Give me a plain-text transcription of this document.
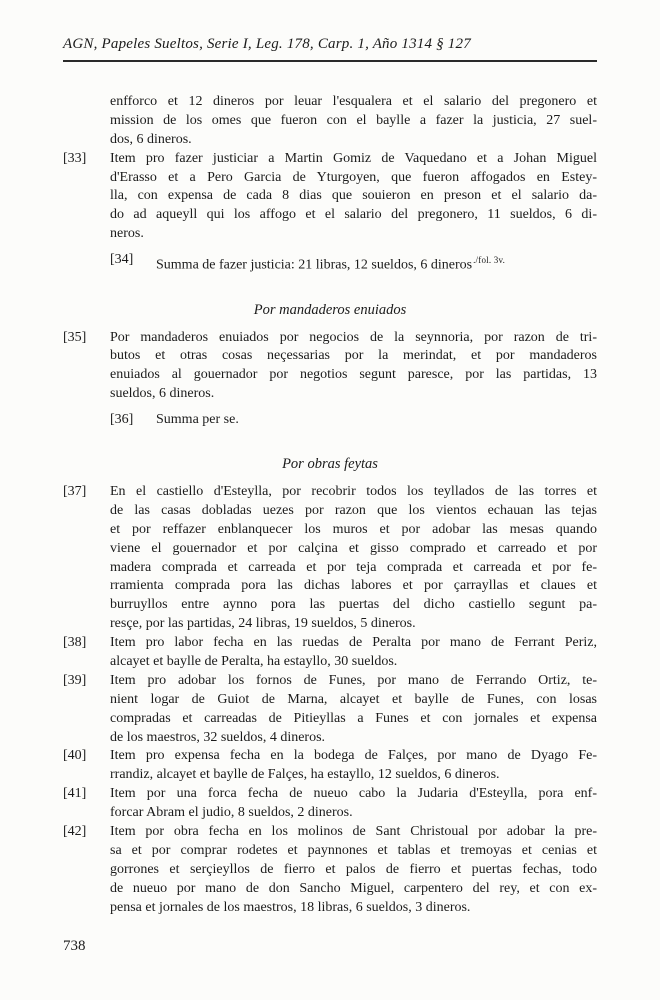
AGN, Papeles Sueltos, Serie I, Leg. 178, Carp. 1, Año 1314 § 127
enfforco et 12 dineros por leuar l'esqualera et el salario del pregonero et
mission de los omes que fueron con el baylle a fazer la justicia, 27 suel-
dos, 6 dineros.
[33] Item pro fazer justiciar a Martin Gomiz de Vaquedano et a Johan Miguel
d'Erasso et a Pero Garcia de Yturgoyen, que fueron affogados en Estey-
lla, con expensa de cada 8 dias que souieron en preson et el salario da-
do ad aqueyll qui los affogo et el salario del pregonero, 11 sueldos, 6 di-
neros.
[34] Summa de fazer justicia: 21 libras, 12 sueldos, 6 dineros$^{./fol. 3v.}$
Por mandaderos enuiados
[35] Por mandaderos enuiados por negocios de la seynnoria, por razon de tri-
butos et otras cosas neçessarias por la merindat, et por mandaderos
enuiados al gouernador por negotios segunt paresce, por las partidas, 13
sueldos, 6 dineros.
[36] Summa per se.
Por obras feytas
[37] En el castiello d'Esteylla, por recobrir todos los teyllados de las torres et
de las casas dobladas uezes por razon que los vientos echauan las tejas
et por reffazer enblanquecer los muros et por adobar las mesas quando
viene el gouernador et por calçina et gisso comprado et carreado et por
madera comprada et carreada et por teja comprada et carreada et por fe-
rramienta comprada pora las dichas labores et por çarrayllas et claues et
burruyllos entre aynno pora las puertas del dicho castiello segunt pa-
resçe, por las partidas, 24 libras, 19 sueldos, 5 dineros.
[38] Item pro labor fecha en las ruedas de Peralta por mano de Ferrant Periz,
alcayet et baylle de Peralta, ha estayllo, 30 sueldos.
[39] Item pro adobar los fornos de Funes, por mano de Ferrando Ortiz, te-
nient logar de Guiot de Marna, alcayet et baylle de Funes, con losas
compradas et carreadas de Pitieyllas a Funes et con jornales et expensa
de los maestros, 32 sueldos, 4 dineros.
[40] Item pro expensa fecha en la bodega de Falçes, por mano de Dyago Fe-
rrandiz, alcayet et baylle de Falçes, ha estayllo, 12 sueldos, 6 dineros.
[41] Item por una forca fecha de nueuo cabo la Judaria d'Esteylla, pora enf-
forcar Abram el judio, 8 sueldos, 2 dineros.
[42] Item por obra fecha en los molinos de Sant Christoual por adobar la pre-
sa et por comprar rodetes et paynnones et tablas et tremoyas et cenias et
gorrones et serçieyllos de fierro et palos de fierro et puertas fechas, todo
de nueuo por mano de don Sancho Miguel, carpentero del rey, et con ex-
pensa et jornales de los maestros, 18 libras, 6 sueldos, 3 dineros.
738
